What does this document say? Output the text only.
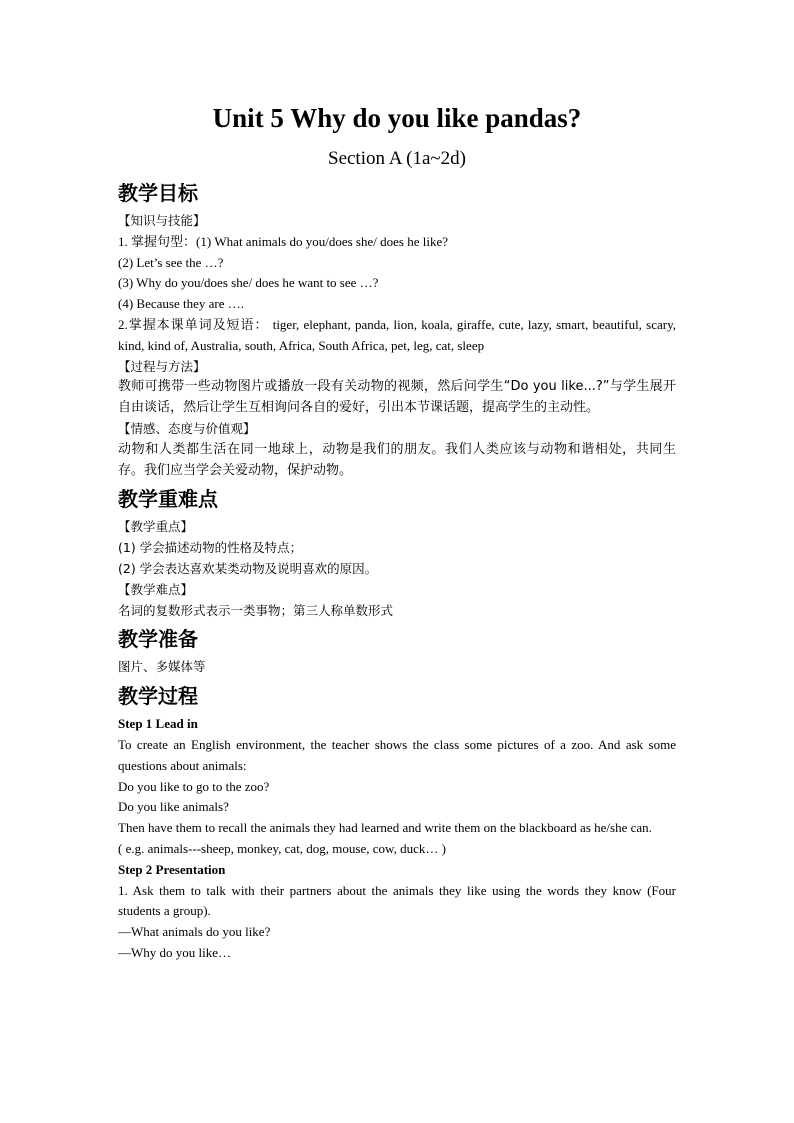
Unit 5 Why do you like pandas?
Section A (1a~2d)
教学目标

【知识与技能】

1. 掌握句型：(1) What animals do you/does she/ does he like?

(2) Let’s see the …?

(3) Why do you/does she/ does he want to see …?

(4) Because they are ….

2.掌握本课单词及短语： tiger, elephant, panda, lion, koala, giraffe, cute, lazy, smart, beautiful, scary, kind, kind of, Australia, south, Africa, South Africa, pet, leg, cat, sleep

【过程与方法】

教师可携带一些动物图片或播放一段有关动物的视频，然后问学生“Do you like...?”与学生展开自由谈话，然后让学生互相询问各自的爱好，引出本节课话题，提高学生的主动性。

【情感、态度与价值观】

动物和人类都生活在同一地球上，动物是我们的朋友。我们人类应该与动物和谐相处，共同生存。我们应当学会关爱动物，保护动物。

教学重难点

【教学重点】

(1) 学会描述动物的性格及特点；

(2) 学会表达喜欢某类动物及说明喜欢的原因。

【教学难点】

名词的复数形式表示一类事物；第三人称单数形式

教学准备

图片、多媒体等

教学过程

Step 1 Lead in

To create an English environment, the teacher shows the class some pictures of a zoo. And ask some questions about animals:

Do you like to go to the zoo?

Do you like animals?

Then have them to recall the animals they had learned and write them on the blackboard as he/she can.

( e.g. animals---sheep, monkey, cat, dog, mouse, cow, duck… )

Step 2 Presentation

1. Ask them to talk with their partners about the animals they like using the words they know (Four students a group).

—What animals do you like?

—Why do you like…
